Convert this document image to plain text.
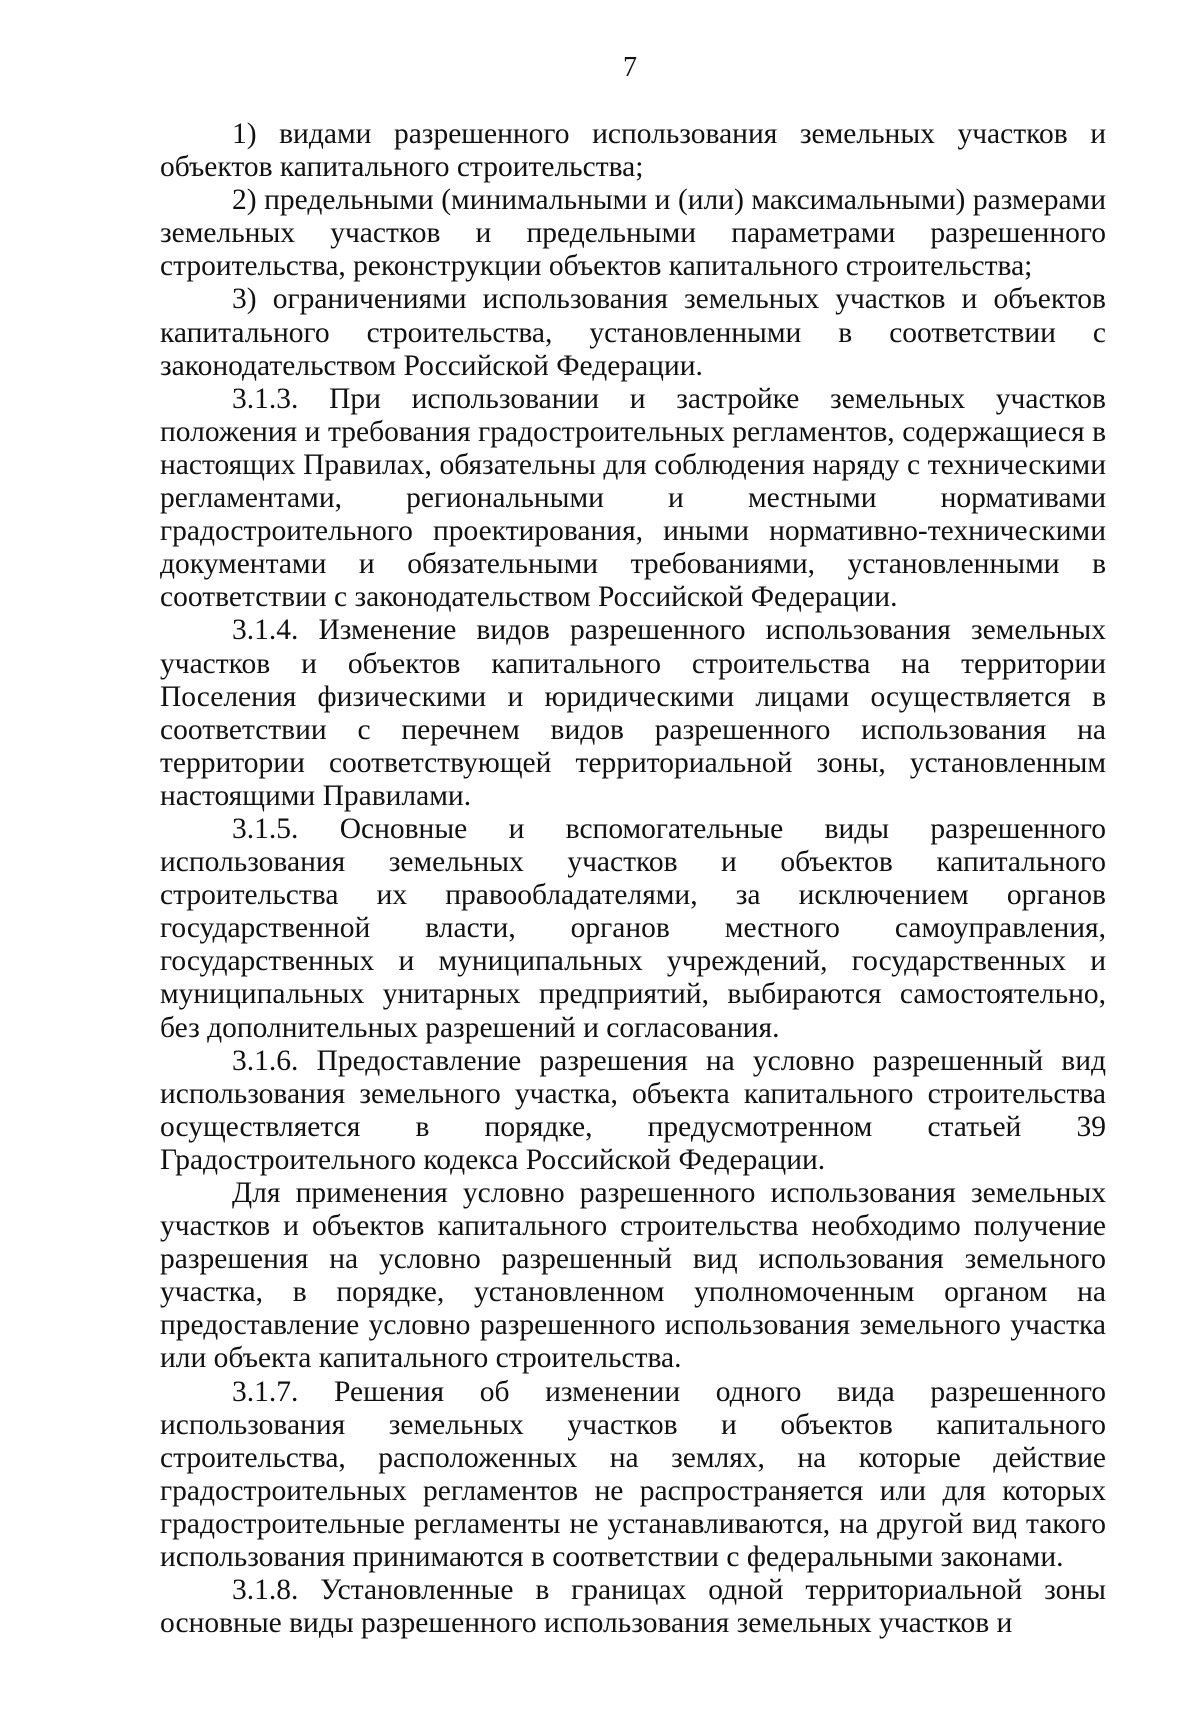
7

1) видами разрешенного использования земельных участков и объектов капитального строительства;

2) предельными (минимальными и (или) максимальными) размерами земельных участков и предельными параметрами разрешенного строительства, реконструкции объектов капитального строительства;

3) ограничениями использования земельных участков и объектов капитального строительства, установленными в соответствии с законодательством Российской Федерации.

3.1.3. При использовании и застройке земельных участков положения и требования градостроительных регламентов, содержащиеся в настоящих Правилах, обязательны для соблюдения наряду с техническими регламентами, региональными и местными нормативами градостроительного проектирования, иными нормативно-техническими документами и обязательными требованиями, установленными в соответствии с законодательством Российской Федерации.

3.1.4. Изменение видов разрешенного использования земельных участков и объектов капитального строительства на территории Поселения физическими и юридическими лицами осуществляется в соответствии с перечнем видов разрешенного использования на территории соответствующей территориальной зоны, установленным настоящими Правилами.

3.1.5. Основные и вспомогательные виды разрешенного использования земельных участков и объектов капитального строительства их правообладателями, за исключением органов государственной власти, органов местного самоуправления, государственных и муниципальных учреждений, государственных и муниципальных унитарных предприятий, выбираются самостоятельно, без дополнительных разрешений и согласования.

3.1.6. Предоставление разрешения на условно разрешенный вид использования земельного участка, объекта капитального строительства осуществляется в порядке, предусмотренном статьей 39 Градостроительного кодекса Российской Федерации.

Для применения условно разрешенного использования земельных участков и объектов капитального строительства необходимо получение разрешения на условно разрешенный вид использования земельного участка, в порядке, установленном уполномоченным органом на предоставление условно разрешенного использования земельного участка или объекта капитального строительства.

3.1.7. Решения об изменении одного вида разрешенного использования земельных участков и объектов капитального строительства, расположенных на землях, на которые действие градостроительных регламентов не распространяется или для которых градостроительные регламенты не устанавливаются, на другой вид такого использования принимаются в соответствии с федеральными законами.

3.1.8. Установленные в границах одной территориальной зоны основные виды разрешенного использования земельных участков и
